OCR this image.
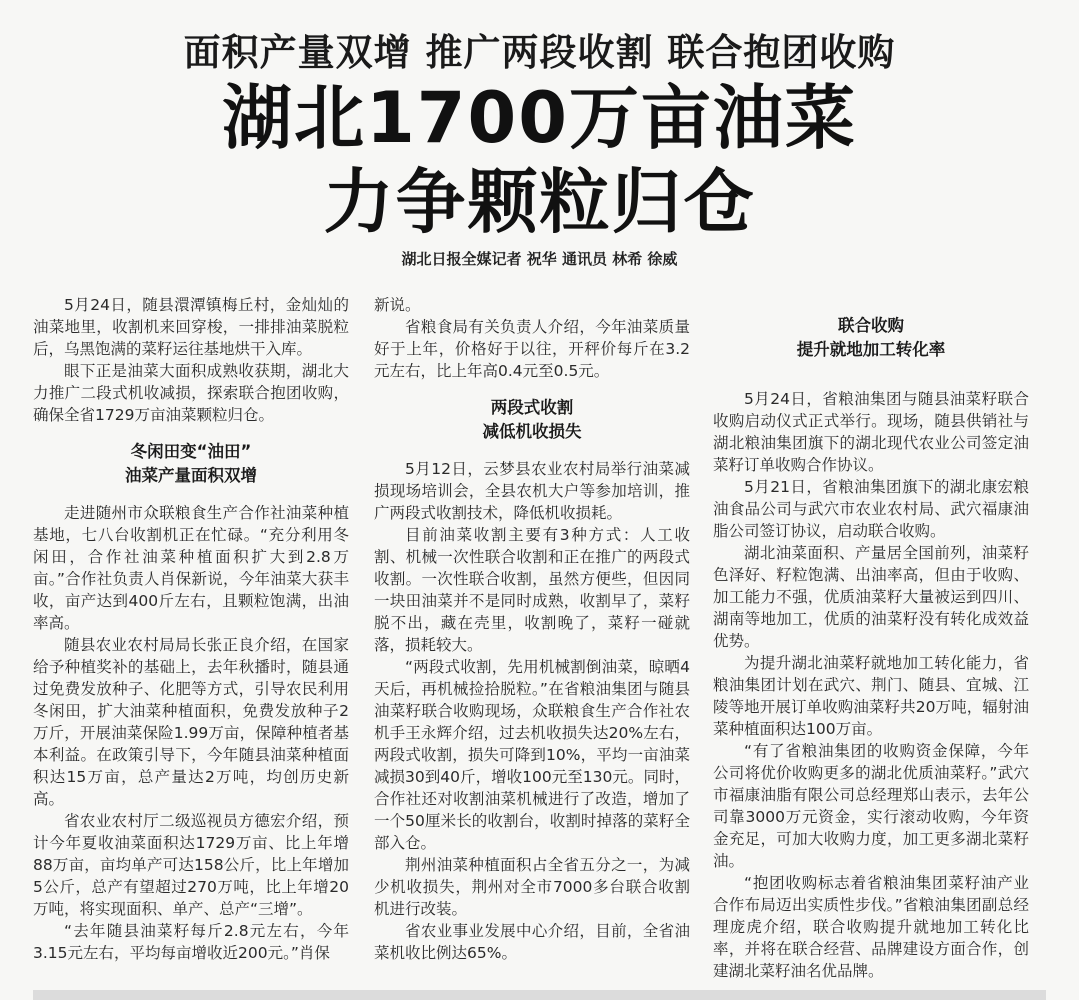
面积产量双增 推广两段收割 联合抱团收购
湖北1700万亩油菜
力争颗粒归仓
湖北日报全媒记者 祝华 通讯员 林希 徐威

5月24日，随县澴潭镇梅丘村，金灿灿的油菜地里，收割机来回穿梭，一排排油菜脱粒后，乌黑饱满的菜籽运往基地烘干入库。

眼下正是油菜大面积成熟收获期，湖北大力推广二段式机收减损，探索联合抱团收购，确保全省1729万亩油菜颗粒归仓。

冬闲田变“油田”
油菜产量面积双增

走进随州市众联粮食生产合作社油菜种植基地，七八台收割机正在忙碌。“充分利用冬闲田，合作社油菜种植面积扩大到2.8万亩。”合作社负责人肖保新说，今年油菜大获丰收，亩产达到400斤左右，且颗粒饱满，出油率高。

随县农业农村局局长张正良介绍，在国家给予种植奖补的基础上，去年秋播时，随县通过免费发放种子、化肥等方式，引导农民利用冬闲田，扩大油菜种植面积，免费发放种子2万斤，开展油菜保险1.99万亩，保障种植者基本利益。在政策引导下，今年随县油菜种植面积达15万亩，总产量达2万吨，均创历史新高。

省农业农村厅二级巡视员方德宏介绍，预计今年夏收油菜面积达1729万亩、比上年增88万亩，亩均单产可达158公斤，比上年增加5公斤，总产有望超过270万吨，比上年增20万吨，将实现面积、单产、总产“三增”。

“去年随县油菜籽每斤2.8元左右，今年3.15元左右，平均每亩增收近200元。”肖保

新说。

省粮食局有关负责人介绍，今年油菜质量好于上年，价格好于以往，开秤价每斤在3.2元左右，比上年高0.4元至0.5元。

两段式收割
减低机收损失

5月12日，云梦县农业农村局举行油菜减损现场培训会，全县农机大户等参加培训，推广两段式收割技术，降低机收损耗。

目前油菜收割主要有3种方式：人工收割、机械一次性联合收割和正在推广的两段式收割。一次性联合收割，虽然方便些，但因同一块田油菜并不是同时成熟，收割早了，菜籽脱不出，藏在壳里，收割晚了，菜籽一碰就落，损耗较大。

“两段式收割，先用机械割倒油菜，晾晒4天后，再机械捡拾脱粒。”在省粮油集团与随县油菜籽联合收购现场，众联粮食生产合作社农机手王永辉介绍，过去机收损失达20%左右，两段式收割，损失可降到10%，平均一亩油菜减损30到40斤，增收100元至130元。同时，合作社还对收割油菜机械进行了改造，增加了一个50厘米长的收割台，收割时掉落的菜籽全部入仓。

荆州油菜种植面积占全省五分之一，为减少机收损失，荆州对全市7000多台联合收割机进行改装。

省农业事业发展中心介绍，目前，全省油菜机收比例达65%。

联合收购
提升就地加工转化率

5月24日，省粮油集团与随县油菜籽联合收购启动仪式正式举行。现场，随县供销社与湖北粮油集团旗下的湖北现代农业公司签定油菜籽订单收购合作协议。

5月21日，省粮油集团旗下的湖北康宏粮油食品公司与武穴市农业农村局、武穴福康油脂公司签订协议，启动联合收购。

湖北油菜面积、产量居全国前列，油菜籽色泽好、籽粒饱满、出油率高，但由于收购、加工能力不强，优质油菜籽大量被运到四川、湖南等地加工，优质的油菜籽没有转化成效益优势。

为提升湖北油菜籽就地加工转化能力，省粮油集团计划在武穴、荆门、随县、宜城、江陵等地开展订单收购油菜籽共20万吨，辐射油菜种植面积达100万亩。

“有了省粮油集团的收购资金保障，今年公司将优价收购更多的湖北优质油菜籽。”武穴市福康油脂有限公司总经理郑山表示，去年公司靠3000万元资金，实行滚动收购，今年资金充足，可加大收购力度，加工更多湖北菜籽油。

“抱团收购标志着省粮油集团菜籽油产业合作布局迈出实质性步伐。”省粮油集团副总经理庞虎介绍，联合收购提升就地加工转化比率，并将在联合经营、品牌建设方面合作，创建湖北菜籽油名优品牌。
